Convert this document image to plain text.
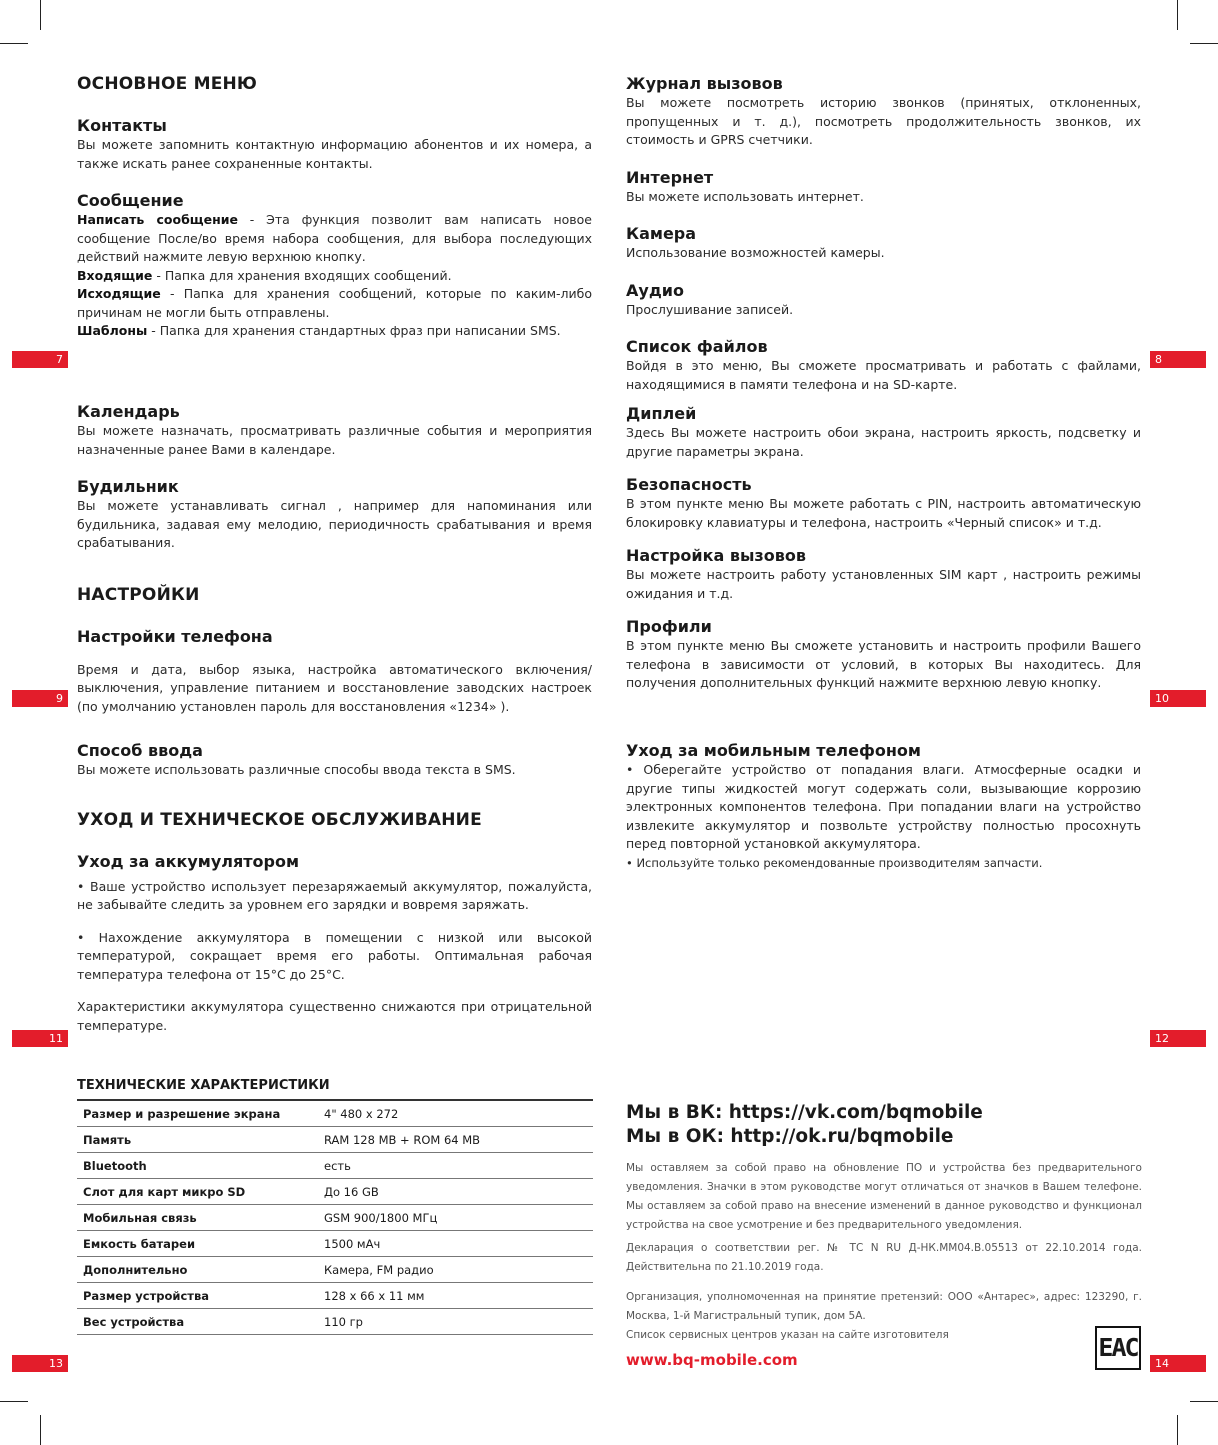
ОСНОВНОЕ МЕНЮ
Контакты

Вы можете запомнить контактную информацию абонентов и их номера, а также искать ранее сохраненные контакты.

Сообщение

Написать сообщение - Эта функция позволит вам написать новое сообщение После/во время набора сообщения, для выбора последующих действий нажмите левую верхнюю кнопку.

Входящие - Папка для хранения входящих сообщений.

Исходящие - Папка для хранения сообщений, которые по каким-либо причинам не могли быть отправлены.

Шаблоны - Папка для хранения стандартных фраз при написании SMS.

7
Журнал вызовов

Вы можете посмотреть историю звонков (принятых, отклоненных, пропущенных и т. д.), посмотреть продолжительность звонков, их стоимость и GPRS счетчики.

Интернет

Вы можете использовать интернет.

Камера

Использование возможностей камеры.

Аудио

Прослушивание записей.

Список файлов

Войдя в это меню, Вы сможете просматривать и работать с файлами, находящимися в памяти телефона и на SD-карте.

8
Календарь

Вы можете назначать, просматривать различные события и мероприятия назначенные ранее Вами в календаре.

Будильник

Вы можете устанавливать сигнал , например для напоминания или будильника, задавая ему мелодию, периодичность срабатывания и время срабатывания.

НАСТРОЙКИ
Настройки телефона

Время и дата, выбор языка, настройка автоматического включения/выключения, управление питанием и восстановление заводских настроек (по умолчанию установлен пароль для восстановления «1234» ).

9
Диплей

Здесь Вы можете настроить обои экрана, настроить яркость, подсветку и другие параметры экрана.

Безопасность

В этом пункте меню Вы можете работать с PIN, настроить автоматическую блокировку клавиатуры и телефона, настроить «Черный список» и т.д.

Настройка вызовов

Вы можете настроить работу установленных SIM карт , настроить режимы ожидания и т.д.

Профили

В этом пункте меню Вы сможете установить и настроить профили Вашего телефона в зависимости от условий, в которых Вы находитесь. Для получения дополнительных функций нажмите верхнюю левую кнопку.

10
Способ ввода

Вы можете использовать различные способы ввода текста в SMS.

УХОД И ТЕХНИЧЕСКОЕ ОБСЛУЖИВАНИЕ
Уход за аккумулятором

• Ваше устройство использует перезаряжаемый аккумулятор, пожалуйста, не забывайте следить за уровнем его зарядки и вовремя заряжать.

• Нахождение аккумулятора в помещении с низкой или высокой температурой, сокращает время его работы. Оптимальная рабочая температура телефона от 15°С до 25°С.

Характеристики аккумулятора существенно снижаются при отрицательной температуре.

11
Уход за мобильным телефоном

• Оберегайте устройство от попадания влаги. Атмосферные осадки и другие типы жидкостей могут содержать соли, вызывающие коррозию электронных компонентов телефона. При попадании влаги на устройство извлеките аккумулятор и позвольте устройству полностью просохнуть перед повторной установкой аккумулятора.

• Используйте только рекомендованные производителям запчасти.

12
ТЕХНИЧЕСКИЕ ХАРАКТЕРИСТИКИ
Размер и разрешение экрана	4" 480 x 272
Память	RAM 128 MB + ROM 64 MB
Bluetooth	есть
Слот для карт микро SD	До 16 GB
Мобильная связь	GSM 900/1800 МГц
Емкость батареи	1500 мАч
Дополнительно	Камера, FM радио
Размер устройства	128 x 66 x 11 мм
Вес устройства	110 гр
13

Мы в ВК: https://vk.com/bqmobile

Мы в ОК: http://ok.ru/bqmobile

Мы оставляем за собой право на обновление ПО и устройства без предварительного уведомления. Значки в этом руководстве могут отличаться от значков в Вашем телефоне. Мы оставляем за собой право на внесение изменений в данное руководство и функционал устройства на свое усмотрение и без предварительного уведомления.

Декларация о соответствии рег. № ТС N RU Д-НК.ММ04.В.05513 от 22.10.2014 года. Действительна по 21.10.2019 года.

Организация, уполномоченная на принятие претензий: ООО «Антарес», адрес: 123290, г. Москва, 1-й Магистральный тупик, дом 5А.

Список сервисных центров указан на сайте изготовителя

www.bq-mobile.com	EAC
14
